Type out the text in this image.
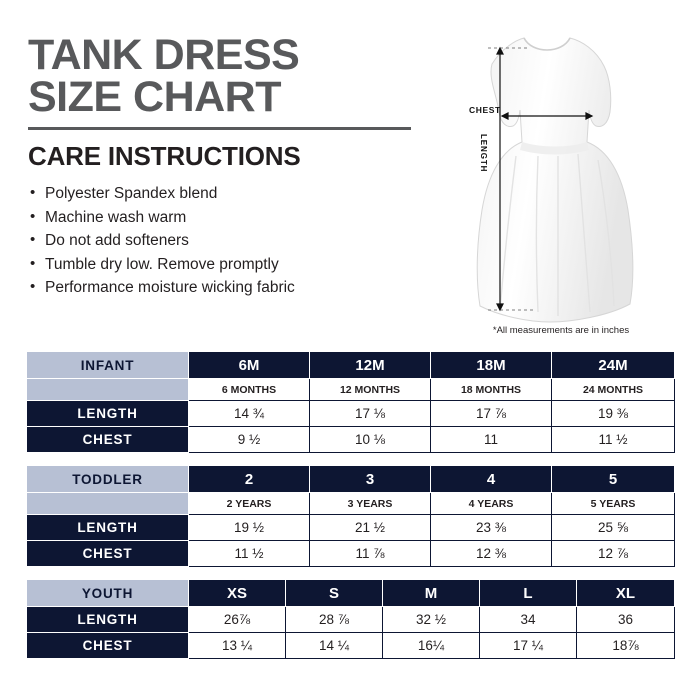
TANK DRESS
SIZE CHART
CARE INSTRUCTIONS
• Polyester Spandex blend
• Machine wash warm
• Do not add softeners
• Tumble dry low. Remove promptly
• Performance moisture wicking fabric
CHEST
LENGTH
*All measurements are in inches
INFANT	6M	12M	18M	24M
	6 MONTHS	12 MONTHS	18 MONTHS	24 MONTHS
LENGTH	14 ¾	17 ⅛	17 ⅞	19 ⅜
CHEST	9 ½	10 ⅛	11	11 ½
TODDLER	2	3	4	5
	2 YEARS	3 YEARS	4 YEARS	5 YEARS
LENGTH	19 ½	21 ½	23 ⅜	25 ⅝
CHEST	11 ½	11 ⅞	12 ⅜	12 ⅞
YOUTH	XS	S	M	L	XL
LENGTH	26⅞	28 ⅞	32 ½	34	36
CHEST	13 ¼	14 ¼	16¼	17 ¼	18⅞
